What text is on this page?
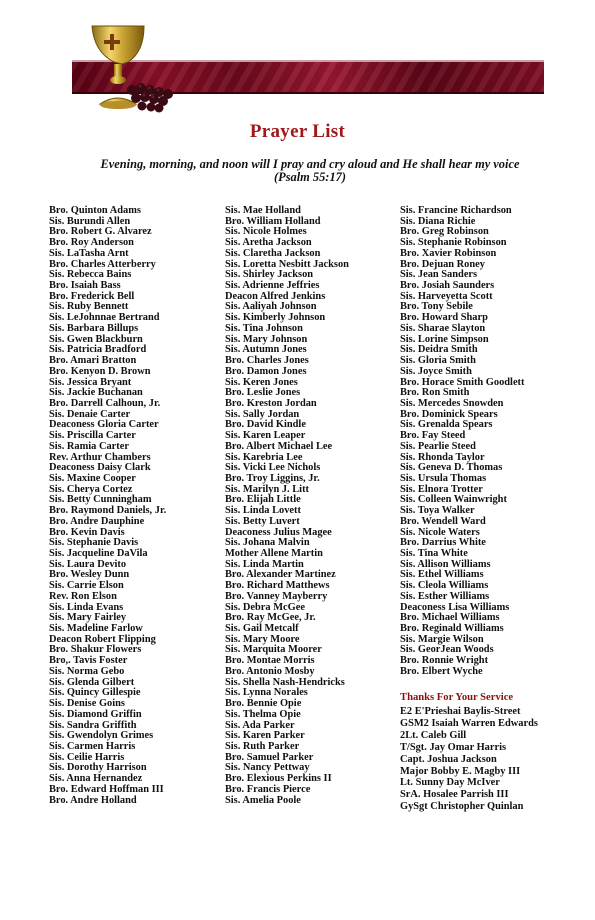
Prayer List
Evening, morning, and noon will I pray and cry aloud and He shall hear my voice
(Psalm 55:17)
Bro. Quinton Adams
Sis. Burundi Allen
Bro. Robert G. Alvarez
Bro. Roy Anderson
Sis. LaTasha Arnt
Bro. Charles Atterberry
Sis. Rebecca Bains
Bro. Isaiah Bass
Bro. Frederick Bell
Sis. Ruby Bennett
Sis. LeJohnnae Bertrand
Sis. Barbara Billups
Sis. Gwen Blackburn
Sis. Patricia Bradford
Bro. Amari Bratton
Bro. Kenyon D. Brown
Sis. Jessica Bryant
Sis. Jackie Buchanan
Bro. Darrell Calhoun, Jr.
Sis. Denaie Carter
Deaconess Gloria Carter
Sis. Priscilla Carter
Sis. Ramia Carter
Rev. Arthur Chambers
Deaconess Daisy Clark
Sis. Maxine Cooper
Sis. Cherya Cortez
Sis. Betty Cunningham
Bro. Raymond Daniels, Jr.
Bro. Andre Dauphine
Bro. Kevin Davis
Sis. Stephanie Davis
Sis. Jacqueline DaVila
Sis. Laura Devito
Bro. Wesley Dunn
Sis. Carrie Elson
Rev. Ron Elson
Sis. Linda Evans
Sis. Mary Fairley
Sis. Madeline Farlow
Deacon Robert Flipping
Bro. Shakur Flowers
Bro,. Tavis Foster
Sis. Norma Gebo
Sis. Glenda Gilbert
Sis. Quincy Gillespie
Sis. Denise Goins
Sis. Diamond Griffin
Sis. Sandra Griffith
Sis. Gwendolyn Grimes
Sis. Carmen Harris
Sis. Ceilie Harris
Sis. Dorothy Harrison
Sis. Anna Hernandez
Bro. Edward Hoffman III
Bro. Andre Holland
Sis. Mae Holland
Bro. William Holland
Sis. Nicole Holmes
Sis. Aretha Jackson
Sis. Claretha Jackson
Sis. Loretta Nesbitt Jackson
Sis. Shirley Jackson
Sis. Adrienne Jeffries
Deacon Alfred Jenkins
Sis. Aaliyah Johnson
Sis. Kimberly Johnson
Sis. Tina Johnson
Sis. Mary Johnson
Sis. Autumn Jones
Bro. Charles Jones
Bro. Damon Jones
Sis. Keren Jones
Bro. Leslie Jones
Bro. Kreston Jordan
Sis. Sally Jordan
Bro. David Kindle
Sis. Karen Leaper
Bro. Albert Michael Lee
Sis. Karebria Lee
Sis. Vicki Lee Nichols
Bro. Troy Liggins, Jr.
Sis. Marilyn J. Litt
Bro. Elijah Little
Sis. Linda Lovett
Sis. Betty Luvert
Deaconess Julius Magee
Sis. Johana Malvin
Mother Allene Martin
Sis. Linda Martin
Bro. Alexander Martinez
Bro. Richard Matthews
Bro. Vanney Mayberry
Sis. Debra McGee
Bro. Ray McGee, Jr.
Sis. Gail Metcalf
Sis. Mary Moore
Sis. Marquita Moorer
Bro. Montae Morris
Bro. Antonio Mosby
Sis. Shella Nash-Hendricks
Sis. Lynna Norales
Bro. Bennie Opie
Sis. Thelma Opie
Sis. Ada Parker
Sis. Karen Parker
Sis. Ruth Parker
Bro. Samuel Parker
Sis. Nancy Pettway
Bro. Elexious Perkins II
Bro. Francis Pierce
Sis. Amelia Poole
Sis. Francine Richardson
Sis. Diana Richie
Bro. Greg Robinson
Sis. Stephanie Robinson
Bro. Xavier Robinson
Bro. Dejuan Roney
Sis. Jean Sanders
Bro. Josiah Saunders
Sis. Harveyetta Scott
Bro. Tony Sebile
Bro. Howard Sharp
Sis. Sharae Slayton
Sis. Lorine Simpson
Sis. Deidra Smith
Sis. Gloria Smith
Sis. Joyce Smith
Bro. Horace Smith Goodlett
Bro. Ron Smith
Sis. Mercedes Snowden
Bro. Dominick Spears
Sis. Grenalda Spears
Bro. Fay Steed
Sis. Pearlie Steed
Sis. Rhonda Taylor
Sis. Geneva D. Thomas
Sis. Ursula Thomas
Sis. Elnora Trotter
Sis. Colleen Wainwright
Sis. Toya Walker
Bro. Wendell Ward
Sis. Nicole Waters
Bro. Darrius White
Sis. Tina White
Sis. Allison Williams
Sis. Ethel Williams
Sis. Cleola Williams
Sis. Esther Williams
Deaconess Lisa Williams
Bro. Michael Williams
Bro. Reginald Williams
Sis. Margie Wilson
Sis. GeorJean Woods
Bro. Ronnie Wright
Bro. Elbert Wyche
Thanks For Your Service
E2 E'Prieshai Baylis-Street
GSM2 Isaiah Warren Edwards
2Lt. Caleb Gill
T/Sgt. Jay Omar Harris
Capt. Joshua Jackson
Major Bobby E. Magby III
Lt. Sunny Day McIver
SrA. Hosalee Parrish III
GySgt Christopher Quinlan
